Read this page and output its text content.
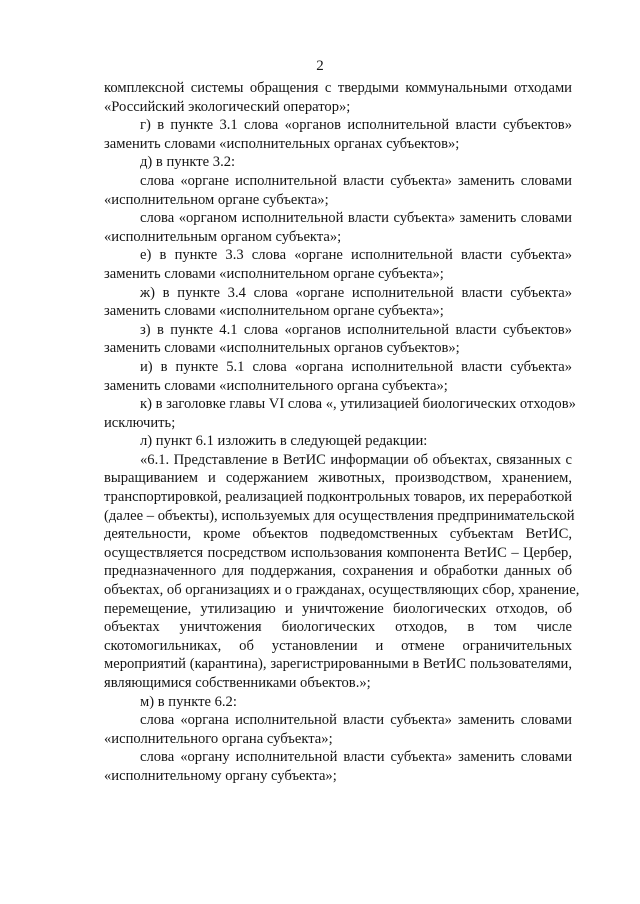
2
комплексной системы обращения с твердыми коммунальными отходами
«Российский экологический оператор»;
г) в пункте 3.1 слова «органов исполнительной власти субъектов»
заменить словами «исполнительных органах субъектов»;
д) в пункте 3.2:
слова «органе исполнительной власти субъекта» заменить словами
«исполнительном органе субъекта»;
слова «органом исполнительной власти субъекта» заменить словами
«исполнительным органом субъекта»;
е) в пункте 3.3 слова «органе исполнительной власти субъекта»
заменить словами «исполнительном органе субъекта»;
ж) в пункте 3.4 слова «органе исполнительной власти субъекта»
заменить словами «исполнительном органе субъекта»;
з) в пункте 4.1 слова «органов исполнительной власти субъектов»
заменить словами «исполнительных органов субъектов»;
и) в пункте 5.1 слова «органа исполнительной власти субъекта»
заменить словами «исполнительного органа субъекта»;
к) в заголовке главы VI слова «, утилизацией биологических отходов»
исключить;
л) пункт 6.1 изложить в следующей редакции:
«6.1. Представление в ВетИС информации об объектах, связанных с
выращиванием и содержанием животных, производством, хранением,
транспортировкой, реализацией подконтрольных товаров, их переработкой
(далее – объекты), используемых для осуществления предпринимательской
деятельности, кроме объектов подведомственных субъектам ВетИС,
осуществляется посредством использования компонента ВетИС – Цербер,
предназначенного для поддержания, сохранения и обработки данных об
объектах, об организациях и о гражданах, осуществляющих сбор, хранение,
перемещение, утилизацию и уничтожение биологических отходов, об
объектах уничтожения биологических отходов, в том числе
скотомогильниках, об установлении и отмене ограничительных
мероприятий (карантина), зарегистрированными в ВетИС пользователями,
являющимися собственниками объектов.»;
м) в пункте 6.2:
слова «органа исполнительной власти субъекта» заменить словами
«исполнительного органа субъекта»;
слова «органу исполнительной власти субъекта» заменить словами
«исполнительному органу субъекта»;
